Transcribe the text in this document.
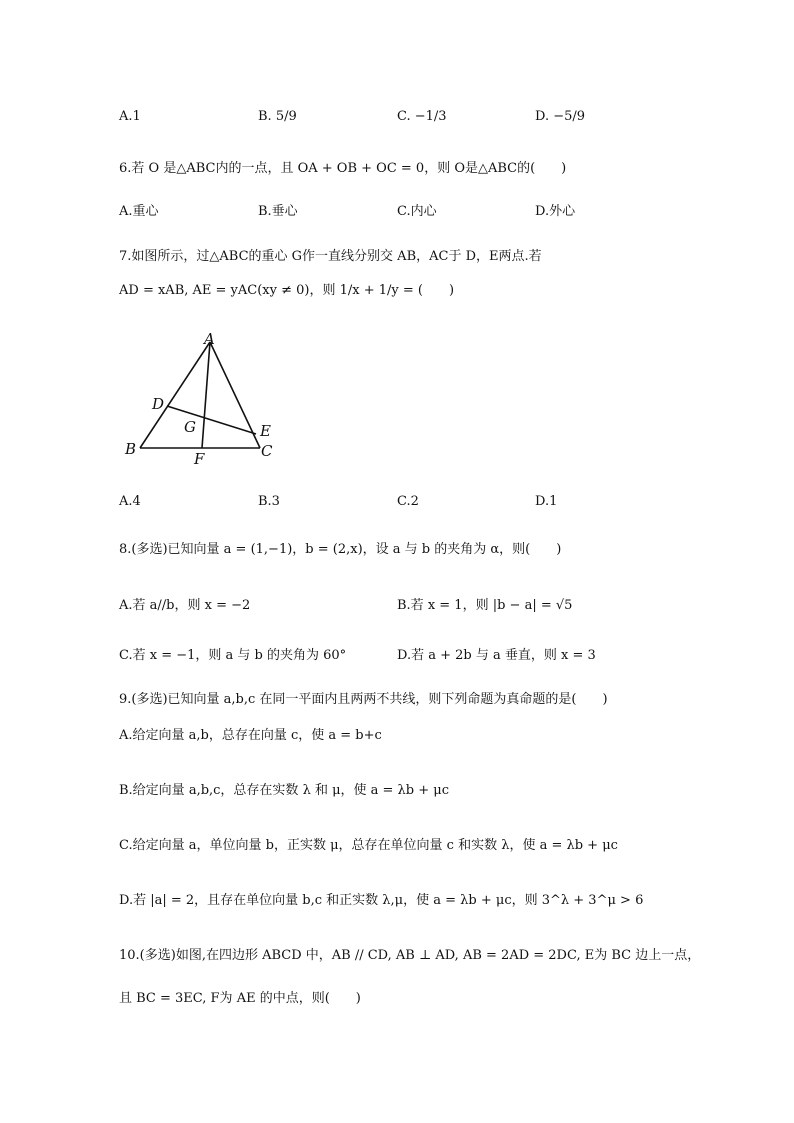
A.1	B. 5/9	C. −1/3	D. −5/9
6.若 O 是△ABC内的一点，且 OA + OB + OC = 0，则 O是△ABC的(　　)
A.重心	B.垂心	C.内心	D.外心
7.如图所示，过△ABC的重心 G作一直线分别交 AB，AC于 D，E两点.若
AD = xAB, AE = yAC(xy ≠ 0)，则 1/x + 1/y = (　　)
A
B	C
D
E
F
G
A.4	B.3	C.2	D.1
8.(多选)已知向量 a = (1,−1)，b = (2,x)，设 a 与 b 的夹角为 α，则(　　)
A.若 a//b，则 x = −2	B.若 x = 1，则 |b − a| = √5
C.若 x = −1，则 a 与 b 的夹角为 60°	D.若 a + 2b 与 a 垂直，则 x = 3
9.(多选)已知向量 a,b,c 在同一平面内且两两不共线，则下列命题为真命题的是(　　)
A.给定向量 a,b，总存在向量 c，使 a = b+c
B.给定向量 a,b,c，总存在实数 λ 和 μ，使 a = λb + μc
C.给定向量 a，单位向量 b，正实数 μ，总存在单位向量 c 和实数 λ，使 a = λb + μc
D.若 |a| = 2，且存在单位向量 b,c 和正实数 λ,μ，使 a = λb + μc，则 3^λ + 3^μ > 6
10.(多选)如图,在四边形 ABCD 中，AB // CD, AB ⊥ AD, AB = 2AD = 2DC, E为 BC 边上一点，
且 BC = 3EC, F为 AE 的中点，则(　　)
